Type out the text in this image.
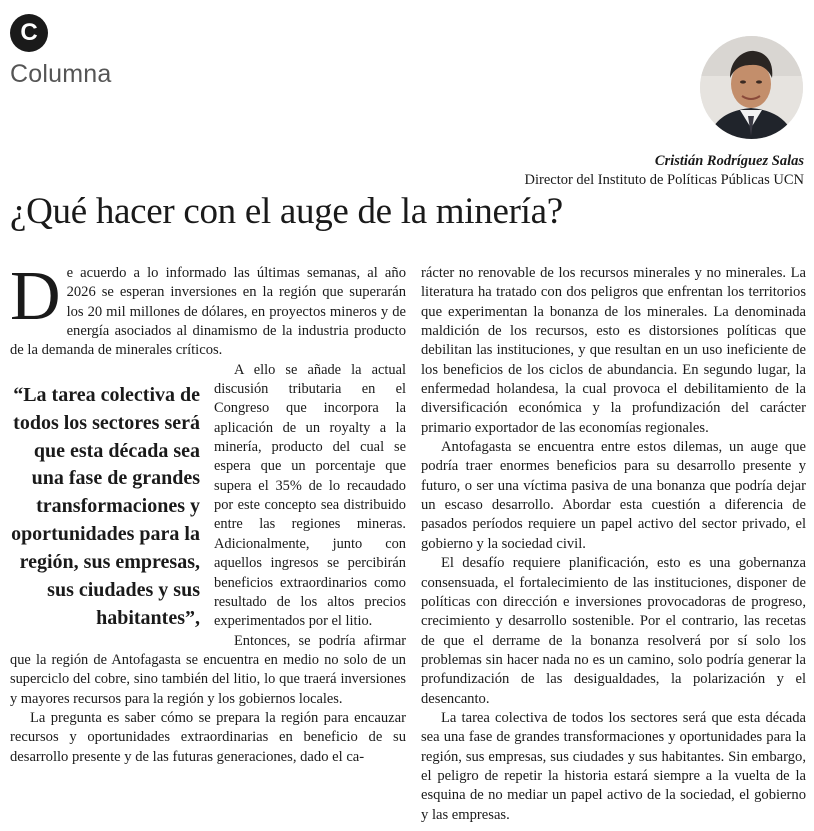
C
Columna
Cristián Rodríguez Salas
Director del Instituto de Políticas Públicas UCN
¿Qué hacer con el auge de la minería?

De acuerdo a lo informado las últimas semanas, al año 2026 se esperan inversiones en la región que superarán los 20 mil millones de dólares, en proyectos mineros y de energía asociados al dinamismo de la industria producto de la demanda de minerales críticos.

“La tarea colectiva de todos los sectores será que esta década sea una fase de grandes transformaciones y oportunidades para la región, sus empresas, sus ciudades y sus habitantes”,

A ello se añade la actual discusión tributaria en el Congreso que incorpora la aplicación de un royalty a la minería, producto del cual se espera que un porcentaje que supera el 35% de lo recaudado por este concepto sea distribuido entre las regiones mineras. Adicionalmente, junto con aquellos ingresos se percibirán beneficios extraordinarios como resultado de los altos precios experimentados por el litio.

Entonces, se podría afirmar que la región de Antofagasta se encuentra en medio no solo de un superciclo del cobre, sino también del litio, lo que traerá inversiones y mayores recursos para la región y los gobiernos locales.

La pregunta es saber cómo se prepara la región para encauzar recursos y oportunidades extraordinarias en beneficio de su desarrollo presente y de las futuras generaciones, dado el ca-

rácter no renovable de los recursos minerales y no minerales. La literatura ha tratado con dos peligros que enfrentan los territorios que experimentan la bonanza de los minerales. La denominada maldición de los recursos, esto es distorsiones políticas que debilitan las instituciones, y que resultan en un uso ineficiente de los beneficios de los ciclos de abundancia. En segundo lugar, la enfermedad holandesa, la cual provoca el debilitamiento de la diversificación económica y la profundización del carácter primario exportador de las economías regionales.

Antofagasta se encuentra entre estos dilemas, un auge que podría traer enormes beneficios para su desarrollo presente y futuro, o ser una víctima pasiva de una bonanza que podría dejar un escaso desarrollo. Abordar esta cuestión a diferencia de pasados períodos requiere un papel activo del sector privado, el gobierno y la sociedad civil.

El desafío requiere planificación, esto es una gobernanza consensuada, el fortalecimiento de las instituciones, disponer de políticas con dirección e inversiones provocadoras de progreso, crecimiento y desarrollo sostenible. Por el contrario, las recetas de que el derrame de la bonanza resolverá por sí solo los problemas sin hacer nada no es un camino, solo podría generar la profundización de las desigualdades, la polarización y el desencanto.

La tarea colectiva de todos los sectores será que esta década sea una fase de grandes transformaciones y oportunidades para la región, sus empresas, sus ciudades y sus habitantes. Sin embargo, el peligro de repetir la historia estará siempre a la vuelta de la esquina de no mediar un papel activo de la sociedad, el gobierno y las empresas.
